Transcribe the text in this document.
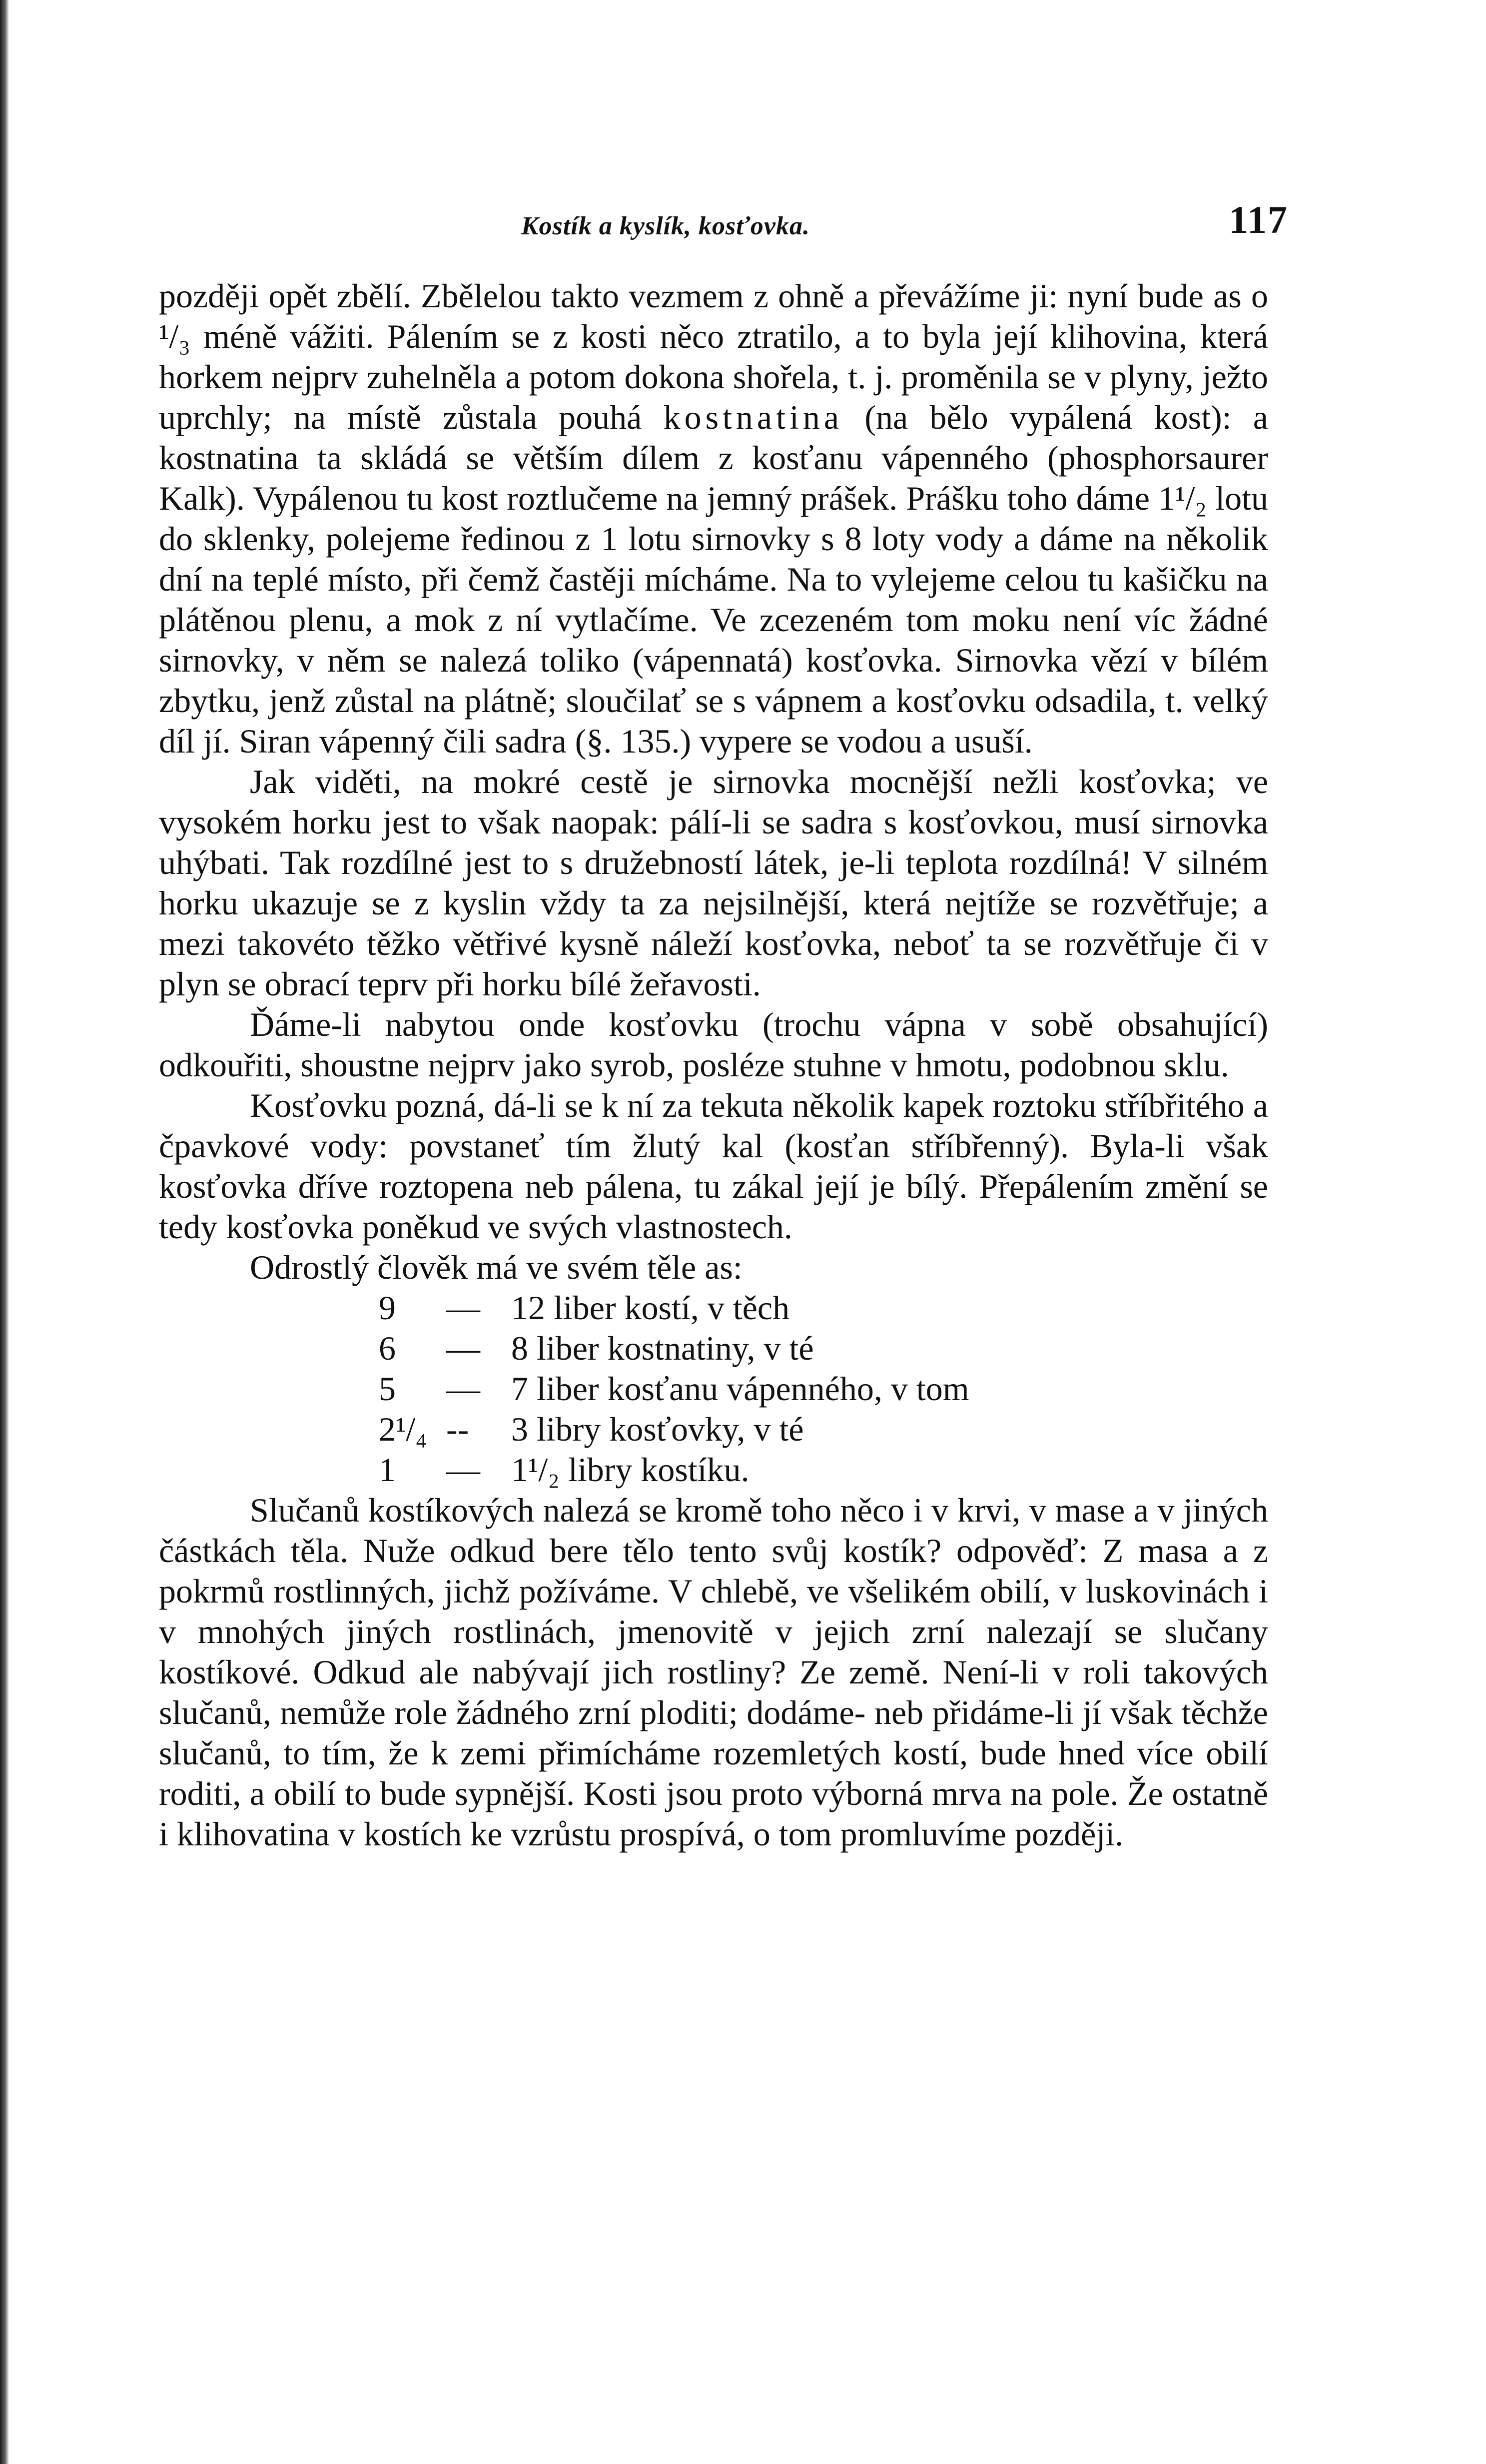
Kostík a kyslík, kosťovka.	117

později opět zbělí. Zbělelou takto vezmem z ohně a převážíme ji: nyní bude as o ¹/₃ méně vážiti. Pálením se z kosti něco ztratilo, a to byla její klihovina, která horkem nejprv zuhelněla a potom dokona shořela, t. j. proměnila se v plyny, ježto uprchly; na místě zůstala pouhá kostnatina (na bělo vypálená kost): a kostnatina ta skládá se větším dílem z kosťanu vápenného (phosphorsaurer Kalk). Vypálenou tu kost roztlučeme na jemný prášek. Prášku toho dáme 1¹/₂ lotu do sklenky, polejeme ředinou z 1 lotu sirnovky s 8 loty vody a dáme na několik dní na teplé místo, při čemž častěji mícháme. Na to vylejeme celou tu kašičku na plátěnou plenu, a mok z ní vytlačíme. Ve zcezeném tom moku není víc žádné sirnovky, v něm se nalezá toliko (vápennatá) kosťovka. Sirnovka vězí v bílém zbytku, jenž zůstal na plátně; sloučilať se s vápnem a kosťovku odsadila, t. velký díl jí. Siran vápenný čili sadra (§. 135.) vypere se vodou a usuší.

Jak viděti, na mokré cestě je sirnovka mocnější nežli kosťovka; ve vysokém horku jest to však naopak: pálí-li se sadra s kosťovkou, musí sirnovka uhýbati. Tak rozdílné jest to s družebností látek, je-li teplota rozdílná! V silném horku ukazuje se z kyslin vždy ta za nejsilnější, která nejtíže se rozvětřuje; a mezi takovéto těžko větřivé kysně náleží kosťovka, neboť ta se rozvětřuje či v plyn se obrací teprv při horku bílé žeřavosti.

Ďáme-li nabytou onde kosťovku (trochu vápna v sobě obsahující) odkouřiti, shoustne nejprv jako syrob, posléze stuhne v hmotu, podobnou sklu.

Kosťovku pozná, dá-li se k ní za tekuta několik kapek roztoku stříbřitého a čpavkové vody: povstaneť tím žlutý kal (kosťan stříbřenný). Byla-li však kosťovka dříve roztopena neb pálena, tu zákal její je bílý. Přepálením změní se tedy kosťovka poněkud ve svých vlastnostech.

Odrostlý člověk má ve svém těle as:

9 — 12 liber kostí, v těch
6 — 8 liber kostnatiny, v té
5 — 7 liber kosťanu vápenného, v tom
2¹/₄ -- 3 libry kosťovky, v té
1 — 1¹/₂ libry kostíku.

Slučanů kostíkových nalezá se kromě toho něco i v krvi, v mase a v jiných částkách těla. Nuže odkud bere tělo tento svůj kostík? odpověď: Z masa a z pokrmů rostlinných, jichž požíváme. V chlebě, ve všelikém obilí, v luskovinách i v mnohých jiných rostlinách, jmenovitě v jejich zrní nalezají se slučany kostíkové. Odkud ale nabývají jich rostliny? Ze země. Není-li v roli takových slučanů, nemůže role žádného zrní ploditi; dodáme- neb přidáme-li jí však těchže slučanů, to tím, že k zemi přimícháme rozemletých kostí, bude hned více obilí roditi, a obilí to bude sypnější. Kosti jsou proto výborná mrva na pole. Že ostatně i klihovatina v kostích ke vzrůstu prospívá, o tom promluvíme později.
